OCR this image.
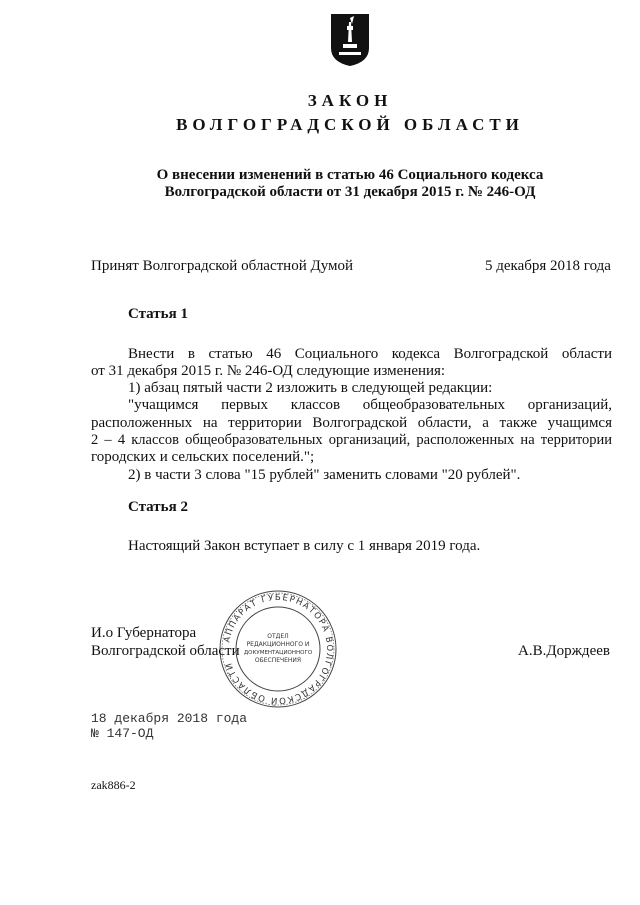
ЗАКОН
ВОЛГОГРАДСКОЙ ОБЛАСТИ
О внесении изменений в статью 46 Социального кодекса
Волгоградской области от 31 декабря 2015 г. № 246-ОД
Принят Волгоградской областной Думой	5 декабря 2018 года
Статья 1
Внести в статью 46 Социального кодекса Волгоградской области
от 31 декабря 2015 г. № 246-ОД следующие изменения:
1) абзац пятый части 2 изложить в следующей редакции:
"учащимся первых классов общеобразовательных организаций,
расположенных на территории Волгоградской области, а также учащимся
2 – 4 классов общеобразовательных организаций, расположенных на территории
городских и сельских поселений.";
2) в части 3 слова "15 рублей" заменить словами "20 рублей".
Статья 2
Настоящий Закон вступает в силу с 1 января 2019 года.
АППАРАТ ГУБЕРНАТОРА ВОЛГОГРАДСКОЙ ОБЛАСТИ
ОТДЕЛ
РЕДАКЦИОННОГО И
ДОКУМЕНТАЦИОННОГО
ОБЕСПЕЧЕНИЯ
И.о Губернатора
Волгоградской области	А.В.Дорждеев
18 декабря 2018 года
№ 147-ОД
zak886-2
